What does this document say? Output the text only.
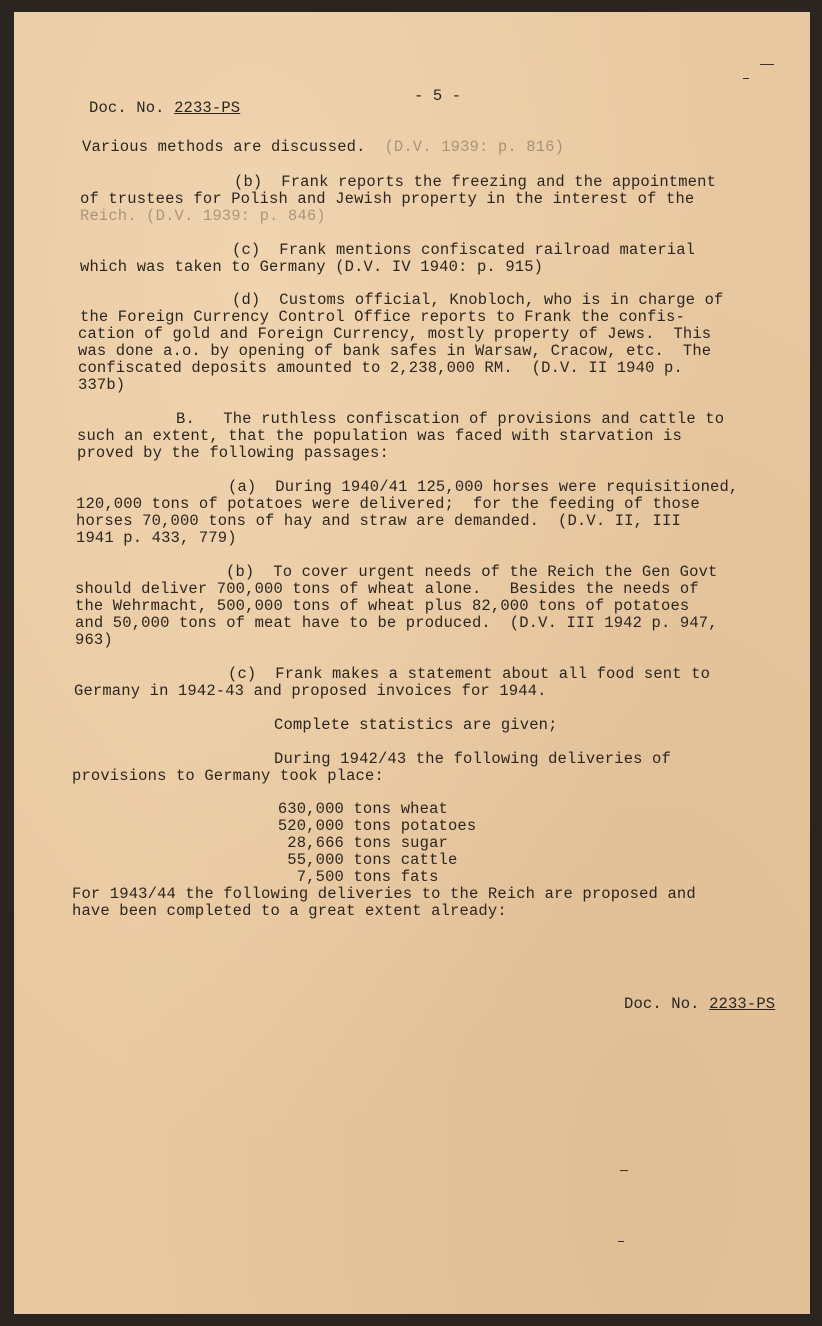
Doc. No. 2233-PS
- 5 -
Various methods are discussed. (D.V. 1939: p. 816)
(b)  Frank reports the freezing and the appointment
of trustees for Polish and Jewish property in the interest of the
Reich. (D.V. 1939: p. 846)
(c)  Frank mentions confiscated railroad material
which was taken to Germany (D.V. IV 1940: p. 915)
(d)  Customs official, Knobloch, who is in charge of
the Foreign Currency Control Office reports to Frank the confis-
cation of gold and Foreign Currency, mostly property of Jews.  This
was done a.o. by opening of bank safes in Warsaw, Cracow, etc.  The
confiscated deposits amounted to 2,238,000 RM.  (D.V. II 1940 p.
337b)
B.   The ruthless confiscation of provisions and cattle to
such an extent, that the population was faced with starvation is
proved by the following passages:
(a)  During 1940/41 125,000 horses were requisitioned,
120,000 tons of potatoes were delivered;  for the feeding of those
horses 70,000 tons of hay and straw are demanded.  (D.V. II, III
1941 p. 433, 779)
(b)  To cover urgent needs of the Reich the Gen Govt
should deliver 700,000 tons of wheat alone.   Besides the needs of
the Wehrmacht, 500,000 tons of wheat plus 82,000 tons of potatoes
and 50,000 tons of meat have to be produced.  (D.V. III 1942 p. 947,
963)
(c)  Frank makes a statement about all food sent to
Germany in 1942-43 and proposed invoices for 1944.
Complete statistics are given;
During 1942/43 the following deliveries of
provisions to Germany took place:
630,000 tons wheat
520,000 tons potatoes
28,666 tons sugar
55,000 tons cattle
7,500 tons fats
For 1943/44 the following deliveries to the Reich are proposed and
have been completed to a great extent already:
Doc. No. 2233-PS
